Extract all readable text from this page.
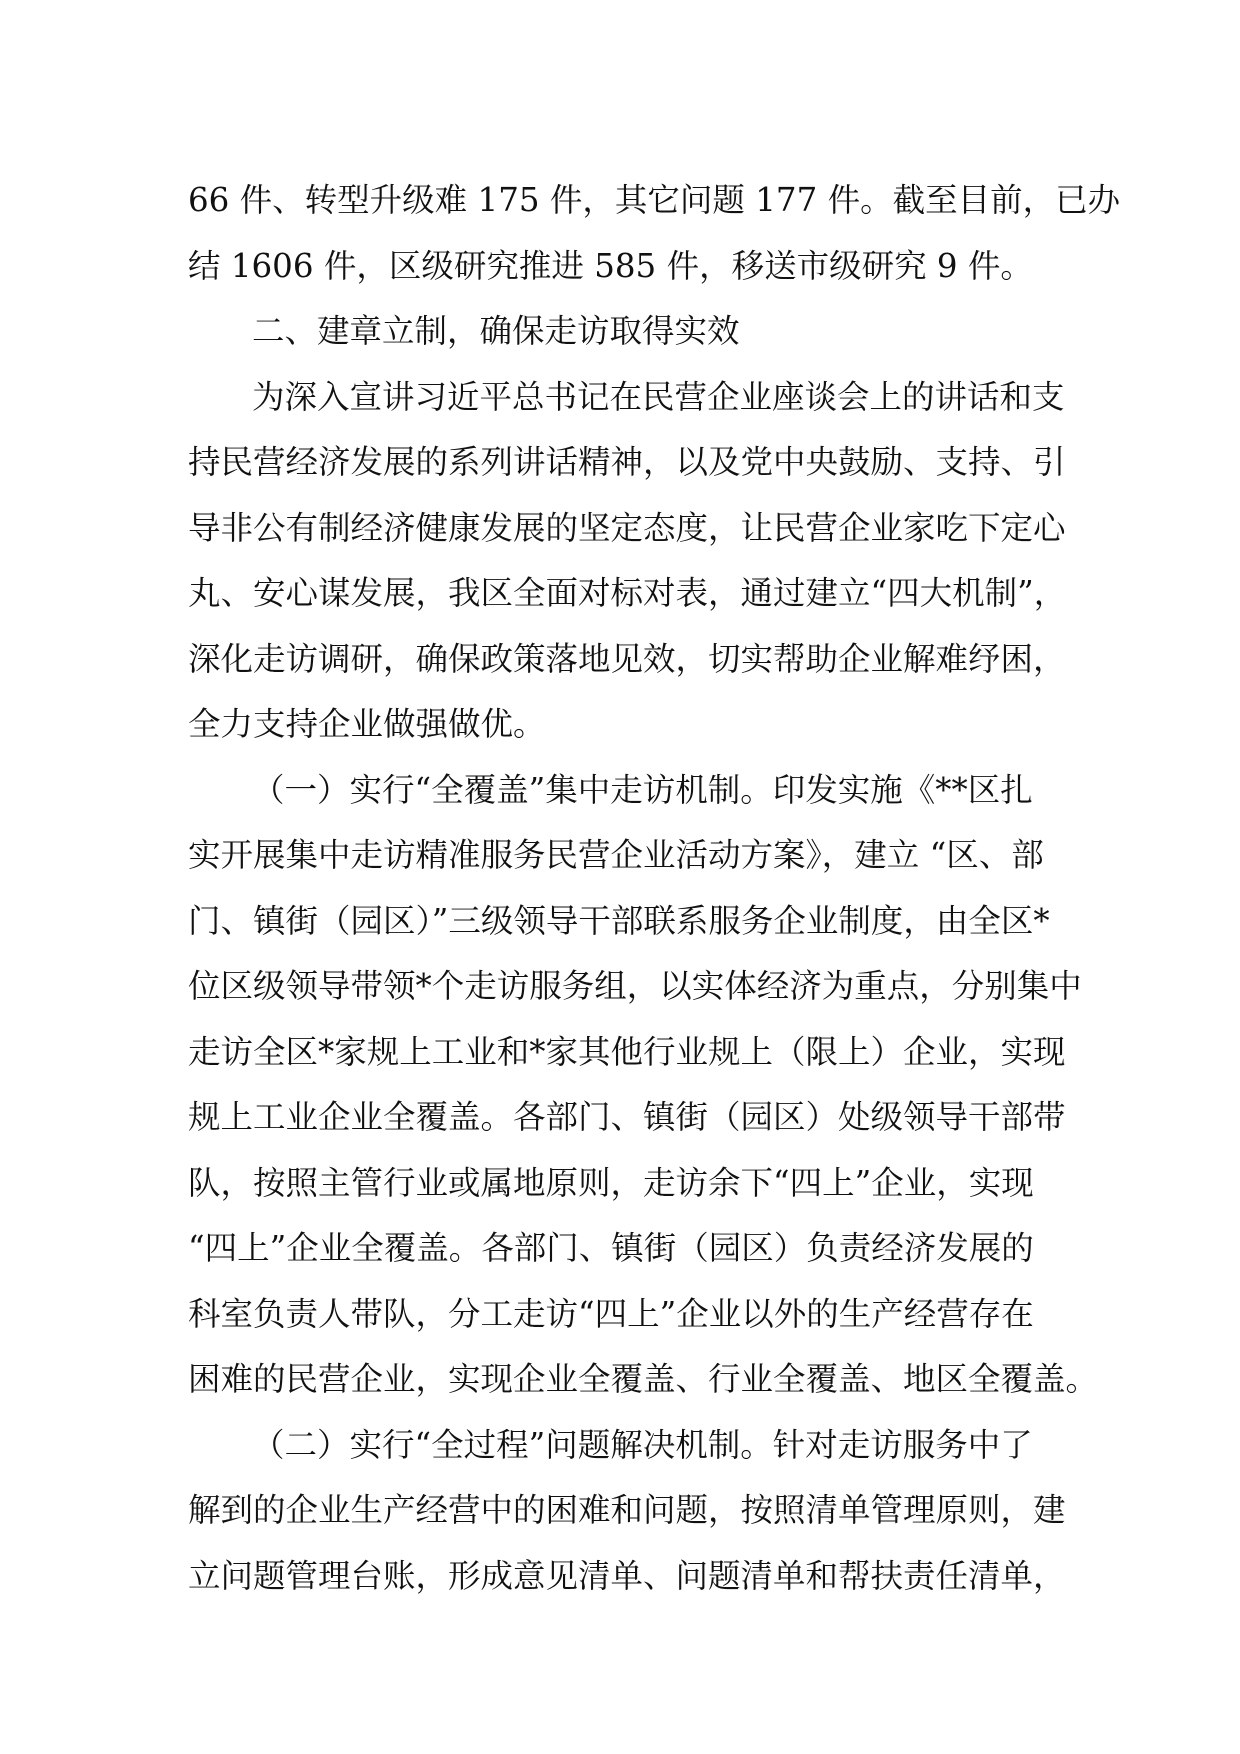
66 件、转型升级难 175 件，其它问题 177 件。截至目前，已办
结 1606 件，区级研究推进 585 件，移送市级研究 9 件。
二、建章立制，确保走访取得实效
为深入宣讲习近平总书记在民营企业座谈会上的讲话和支
持民营经济发展的系列讲话精神，以及党中央鼓励、支持、引
导非公有制经济健康发展的坚定态度，让民营企业家吃下定心
丸、安心谋发展，我区全面对标对表，通过建立“四大机制”，
深化走访调研，确保政策落地见效，切实帮助企业解难纾困，
全力支持企业做强做优。
（一）实行“全覆盖”集中走访机制。印发实施《**区扎
实开展集中走访精准服务民营企业活动方案》，建立 “区、部
门、镇街（园区）”三级领导干部联系服务企业制度，由全区*
位区级领导带领*个走访服务组，以实体经济为重点，分别集中
走访全区*家规上工业和*家其他行业规上（限上）企业，实现
规上工业企业全覆盖。各部门、镇街（园区）处级领导干部带
队，按照主管行业或属地原则，走访余下“四上”企业，实现
“四上”企业全覆盖。各部门、镇街（园区）负责经济发展的
科室负责人带队，分工走访“四上”企业以外的生产经营存在
困难的民营企业，实现企业全覆盖、行业全覆盖、地区全覆盖。
（二）实行“全过程”问题解决机制。针对走访服务中了
解到的企业生产经营中的困难和问题，按照清单管理原则，建
立问题管理台账，形成意见清单、问题清单和帮扶责任清单，
